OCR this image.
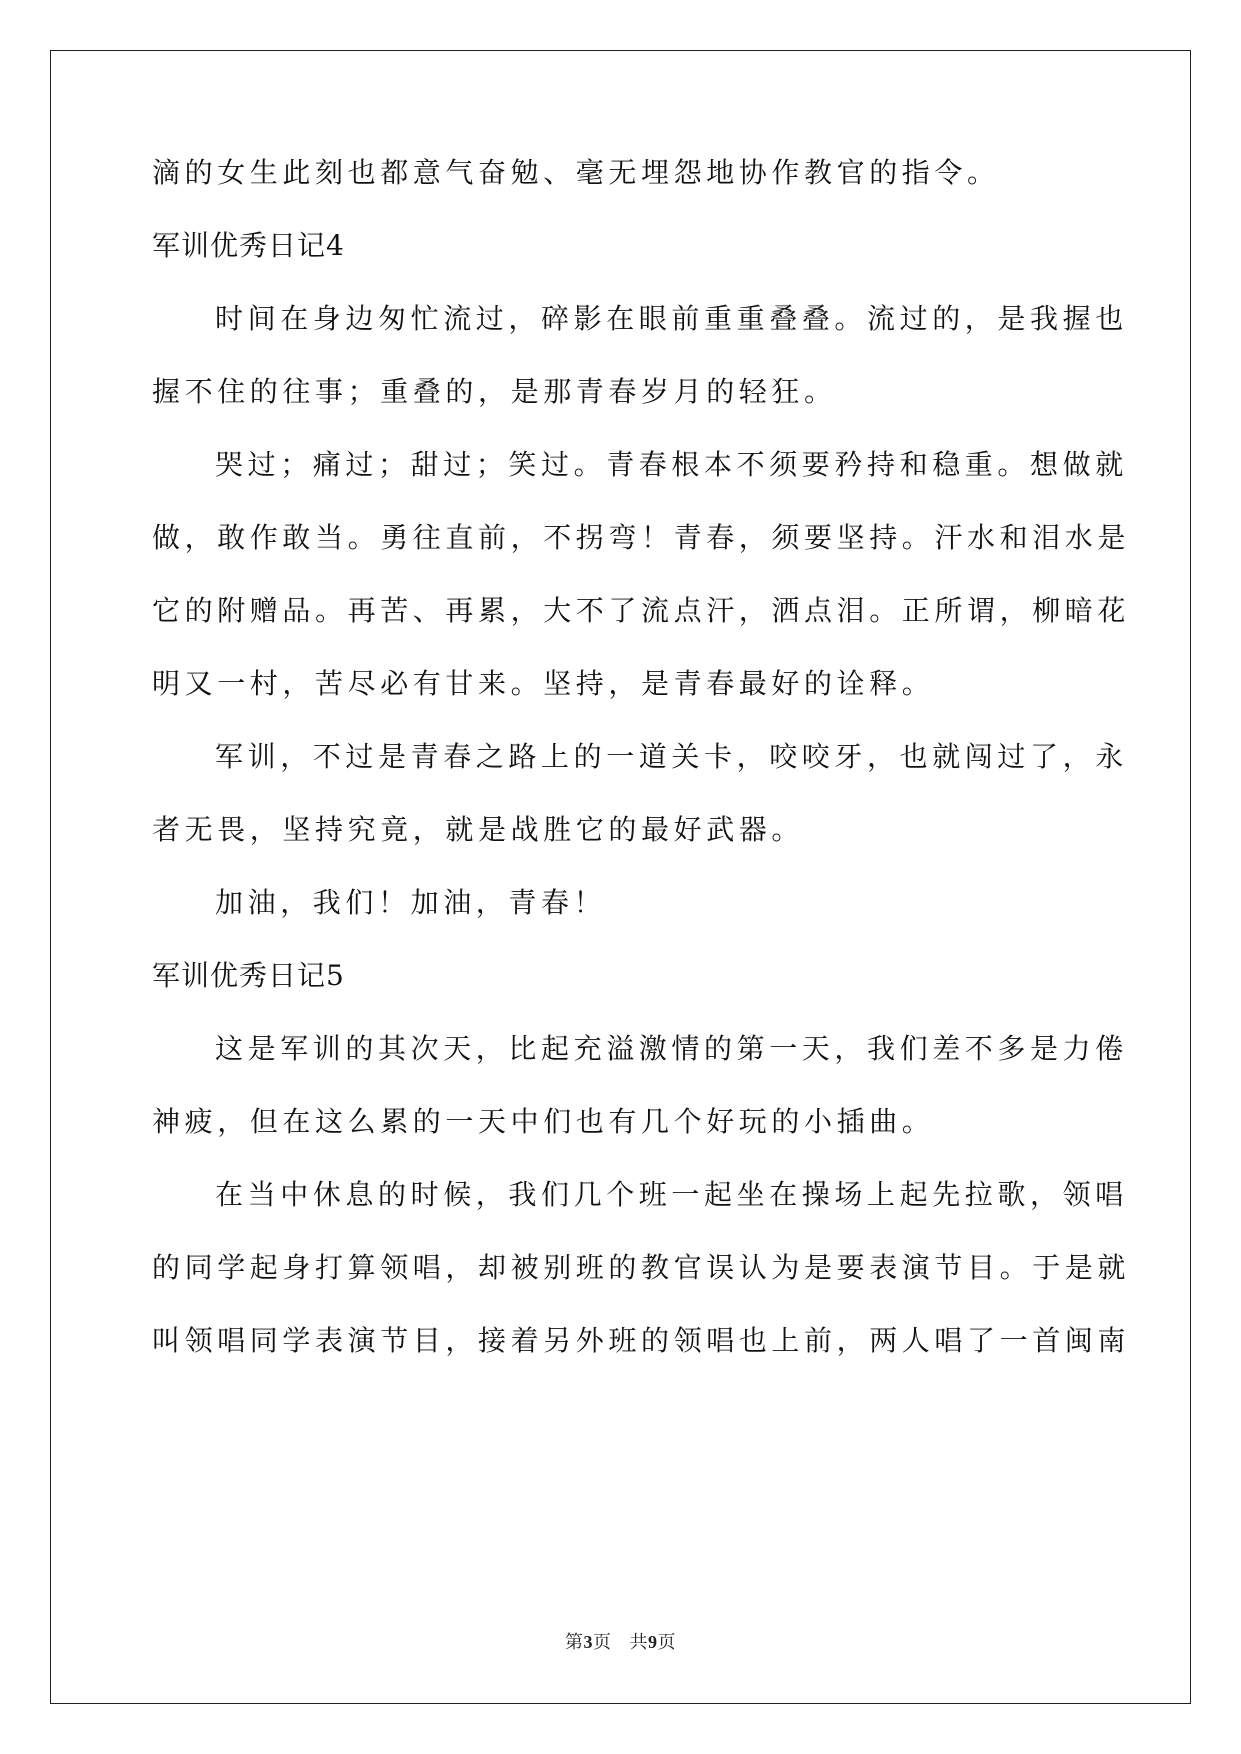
滴的女生此刻也都意气奋勉、毫无埋怨地协作教官的指令。
军训优秀日记4
时间在身边匆忙流过，碎影在眼前重重叠叠。流过的，是我握也
握不住的往事；重叠的，是那青春岁月的轻狂。
哭过；痛过；甜过；笑过。青春根本不须要矜持和稳重。想做就
做，敢作敢当。勇往直前，不拐弯！青春，须要坚持。汗水和泪水是
它的附赠品。再苦、再累，大不了流点汗，洒点泪。正所谓，柳暗花
明又一村，苦尽必有甘来。坚持，是青春最好的诠释。
军训，不过是青春之路上的一道关卡，咬咬牙，也就闯过了，永
者无畏，坚持究竟，就是战胜它的最好武器。
加油，我们！加油，青春！
军训优秀日记5
这是军训的其次天，比起充溢激情的第一天，我们差不多是力倦
神疲，但在这么累的一天中们也有几个好玩的小插曲。
在当中休息的时候，我们几个班一起坐在操场上起先拉歌，领唱
的同学起身打算领唱，却被别班的教官误认为是要表演节目。于是就
叫领唱同学表演节目，接着另外班的领唱也上前，两人唱了一首闽南
第3页 共9页
